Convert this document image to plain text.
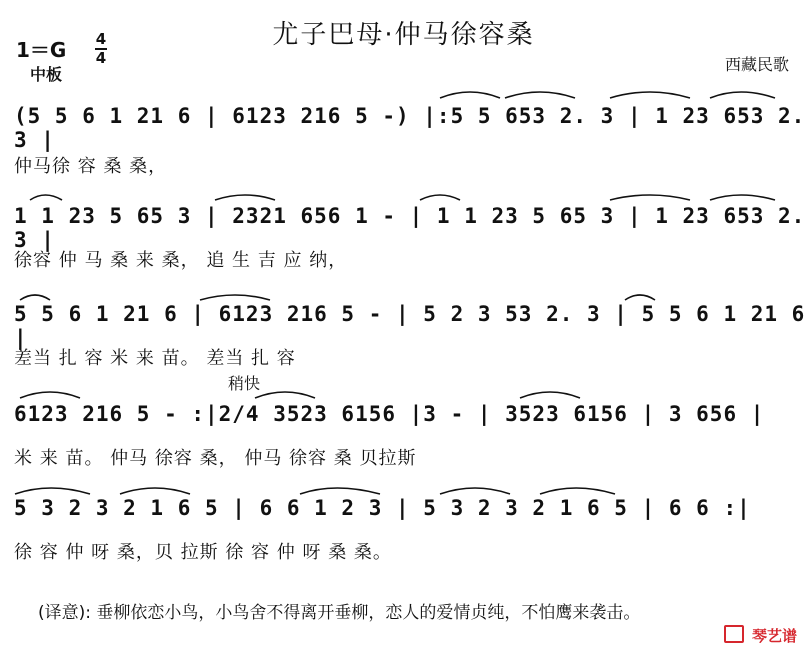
尤子巴母·仲马徐容桑
1＝G 4
4
中板
西藏民歌
(5 5 6 1 21 6 | 6123 216 5 -) |:5 5 653 2. 3 | 1 23 653 2. 3 |
仲马徐 容 桑 桑，
1 1 23 5 65 3 | 2321 656 1 - | 1 1 23 5 65 3 | 1 23 653 2. 3 |
徐容 仲 马 桑 来 桑， 追 生 吉 应 纳，
5 5 6 1 21 6 | 6123 216 5 - | 5 2 3 53 2. 3 | 5 5 6 1 21 6 |
差当 扎 容 米 来 苗。 差当 扎 容
稍快
6123 216 5 - :|2/4 3523 6156 |3 - | 3523 6156 | 3 656 |
米 来 苗。 仲马 徐容 桑， 仲马 徐容 桑 贝拉斯
5 3 2 3 2 1 6 5 | 6 6 1 2 3 | 5 3 2 3 2 1 6 5 | 6 6 :|
徐 容 仲 呀 桑，贝 拉斯 徐 容 仲 呀 桑 桑。
(译意): 垂柳依恋小鸟，小鸟舍不得离开垂柳，恋人的爱情贞纯，不怕鹰来袭击。
琴艺谱
